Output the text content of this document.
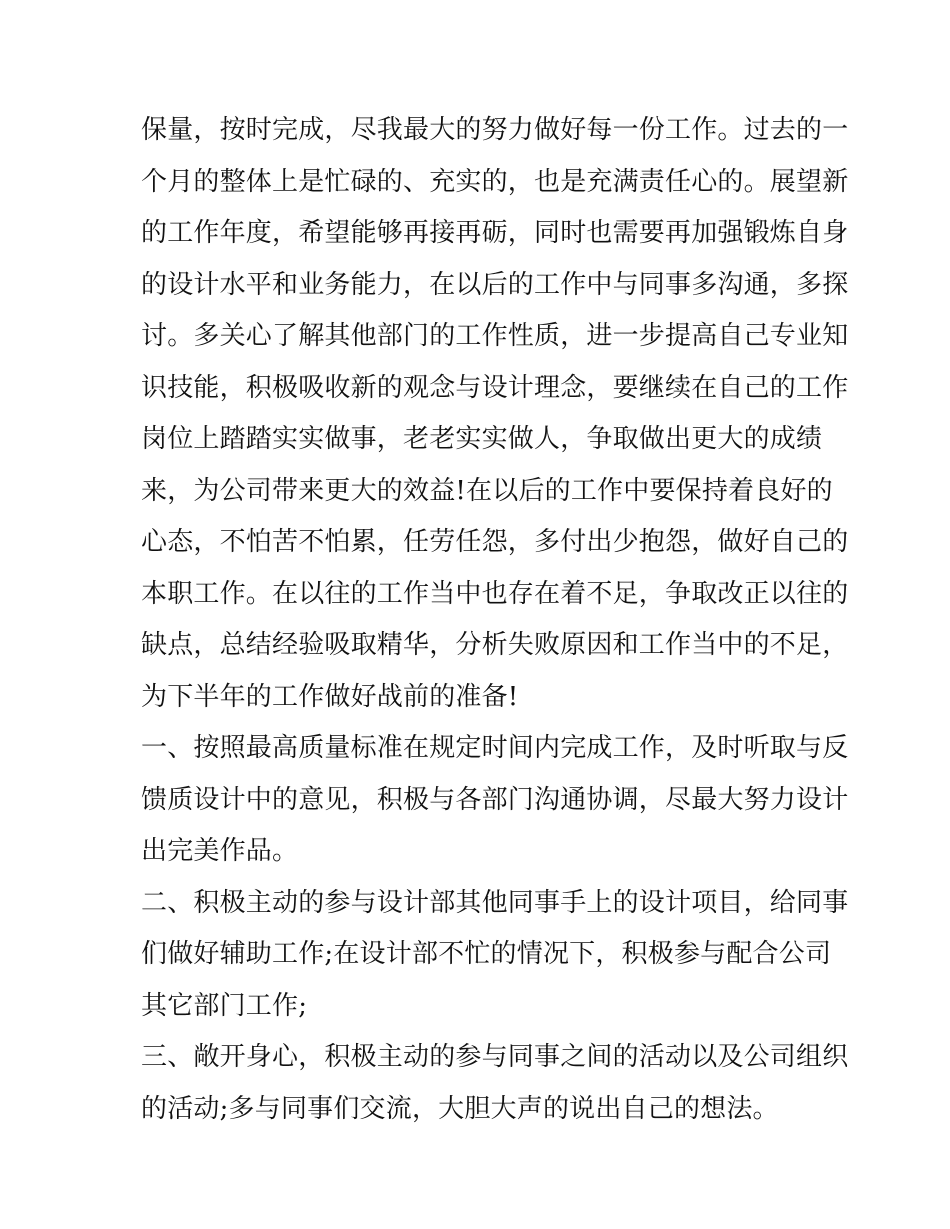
保量，按时完成，尽我最大的努力做好每一份工作。过去的一
个月的整体上是忙碌的、充实的，也是充满责任心的。展望新
的工作年度，希望能够再接再砺，同时也需要再加强锻炼自身
的设计水平和业务能力，在以后的工作中与同事多沟通，多探
讨。多关心了解其他部门的工作性质，进一步提高自己专业知
识技能，积极吸收新的观念与设计理念，要继续在自己的工作
岗位上踏踏实实做事，老老实实做人，争取做出更大的成绩
来，为公司带来更大的效益!在以后的工作中要保持着良好的
心态，不怕苦不怕累，任劳任怨，多付出少抱怨，做好自己的
本职工作。在以往的工作当中也存在着不足，争取改正以往的
缺点，总结经验吸取精华，分析失败原因和工作当中的不足，
为下半年的工作做好战前的准备!
一、按照最高质量标准在规定时间内完成工作，及时听取与反
馈质设计中的意见，积极与各部门沟通协调，尽最大努力设计
出完美作品。
二、积极主动的参与设计部其他同事手上的设计项目，给同事
们做好辅助工作;在设计部不忙的情况下，积极参与配合公司
其它部门工作;
三、敞开身心，积极主动的参与同事之间的活动以及公司组织
的活动;多与同事们交流，大胆大声的说出自己的想法。
